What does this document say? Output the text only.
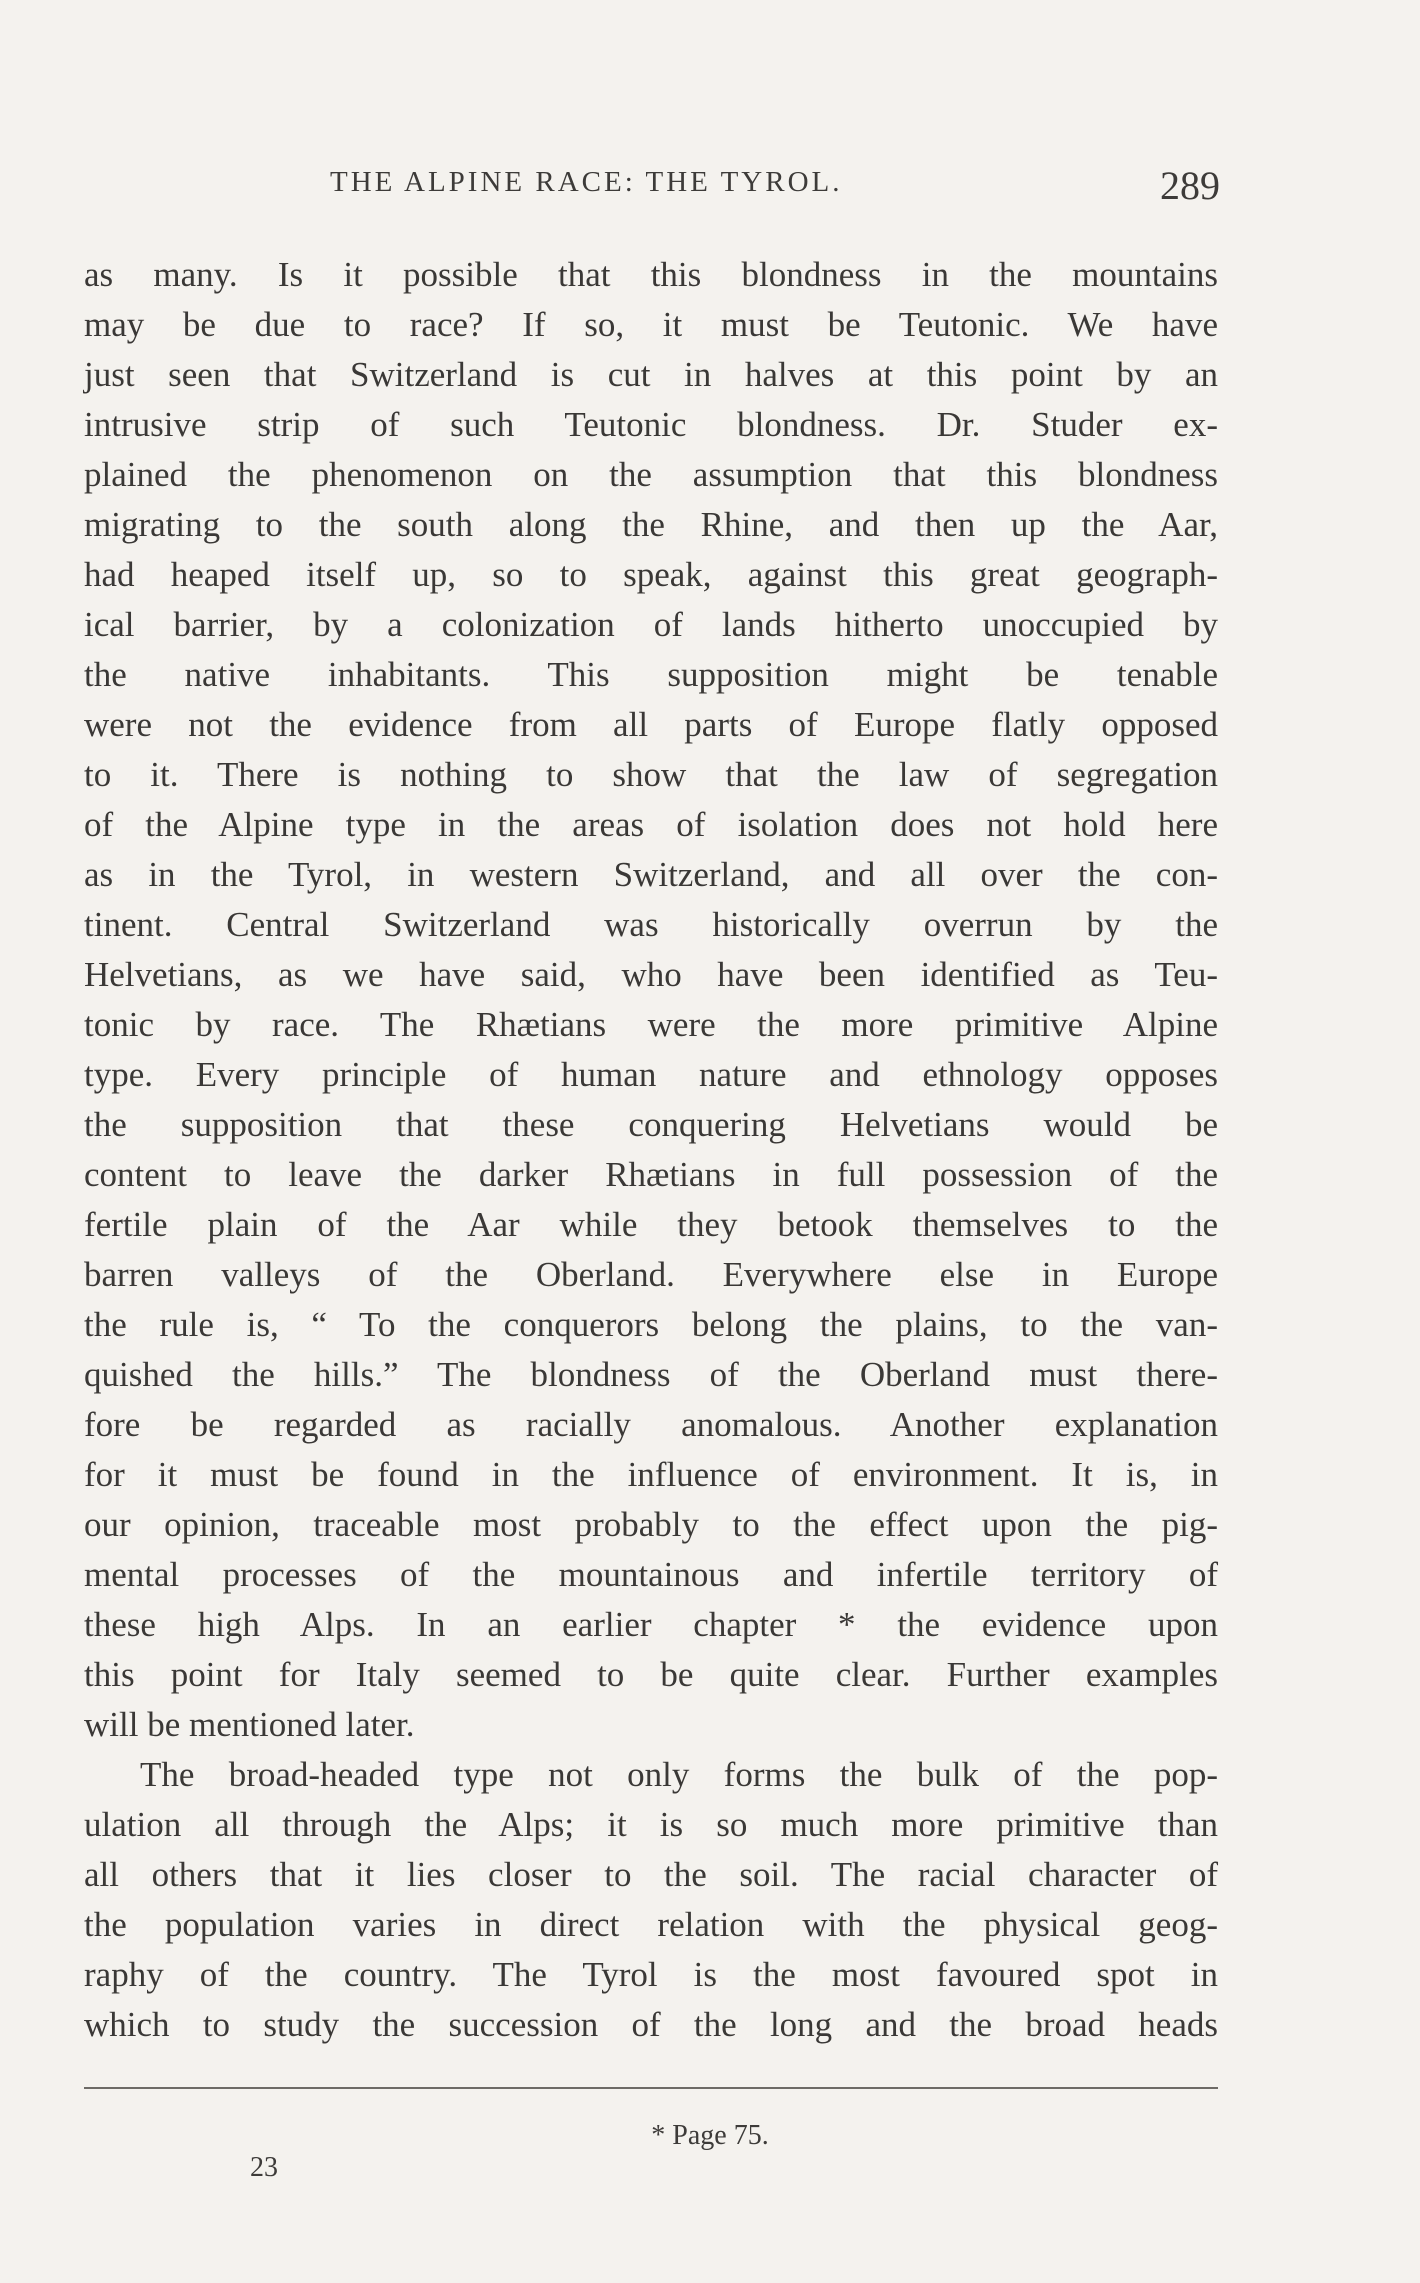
THE ALPINE RACE: THE TYROL.	289
as many. Is it possible that this blondness in the mountains
may be due to race? If so, it must be Teutonic. We have
just seen that Switzerland is cut in halves at this point by an
intrusive strip of such Teutonic blondness. Dr. Studer ex-
plained the phenomenon on the assumption that this blondness
migrating to the south along the Rhine, and then up the Aar,
had heaped itself up, so to speak, against this great geograph-
ical barrier, by a colonization of lands hitherto unoccupied by
the native inhabitants. This supposition might be tenable
were not the evidence from all parts of Europe flatly opposed
to it. There is nothing to show that the law of segregation
of the Alpine type in the areas of isolation does not hold here
as in the Tyrol, in western Switzerland, and all over the con-
tinent. Central Switzerland was historically overrun by the
Helvetians, as we have said, who have been identified as Teu-
tonic by race. The Rhætians were the more primitive Alpine
type. Every principle of human nature and ethnology opposes
the supposition that these conquering Helvetians would be
content to leave the darker Rhætians in full possession of the
fertile plain of the Aar while they betook themselves to the
barren valleys of the Oberland. Everywhere else in Europe
the rule is, “ To the conquerors belong the plains, to the van-
quished the hills.” The blondness of the Oberland must there-
fore be regarded as racially anomalous. Another explanation
for it must be found in the influence of environment. It is, in
our opinion, traceable most probably to the effect upon the pig-
mental processes of the mountainous and infertile territory of
these high Alps. In an earlier chapter * the evidence upon
this point for Italy seemed to be quite clear. Further examples
will be mentioned later.
The broad-headed type not only forms the bulk of the pop-
ulation all through the Alps; it is so much more primitive than
all others that it lies closer to the soil. The racial character of
the population varies in direct relation with the physical geog-
raphy of the country. The Tyrol is the most favoured spot in
which to study the succession of the long and the broad heads
* Page 75.
23
